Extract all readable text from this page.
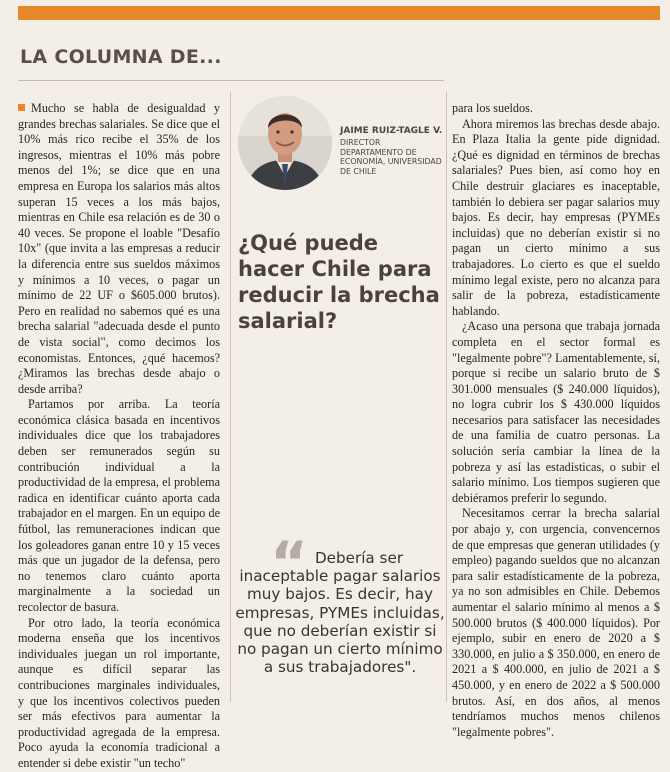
LA COLUMNA DE...

Mucho se habla de desigualdad y grandes brechas salariales. Se dice que el 10% más rico recibe el 35% de los ingresos, mientras el 10% más pobre menos del 1%; se dice que en una empresa en Europa los salarios más altos superan 15 veces a los más bajos, mientras en Chile esa relación es de 30 o 40 veces. Se propone el loable "Desafío 10x" (que invita a las empresas a reducir la diferencia entre sus sueldos máximos y mínimos a 10 veces, o pagar un mínimo de 22 UF o $605.000 brutos). Pero en realidad no sabemos qué es una brecha salarial "adecuada desde el punto de vista social", como decimos los economistas. Entonces, ¿qué hacemos? ¿Miramos las brechas desde abajo o desde arriba?

Partamos por arriba. La teoría económica clásica basada en incentivos individuales dice que los trabajadores deben ser remunerados según su contribución individual a la productividad de la empresa, el problema radica en identificar cuánto aporta cada trabajador en el margen. En un equipo de fútbol, las remuneraciones indican que los goleadores ganan entre 10 y 15 veces más que un jugador de la defensa, pero no tenemos claro cuánto aporta marginalmente a la sociedad un recolector de basura.

Por otro lado, la teoría económica moderna enseña que los incentivos individuales juegan un rol importante, aunque es difícil separar las contribuciones marginales individuales, y que los incentivos colectivos pueden ser más efectivos para aumentar la productividad agregada de la empresa. Poco ayuda la economía tradicional a entender si debe existir "un techo"

JAIME RUIZ-TAGLE V.
DIRECTOR DEPARTAMENTO DE ECONOMÍA, UNIVERSIDAD DE CHILE
¿Qué puede hacer Chile para reducir la brecha salarial?
“ Debería ser inaceptable pagar salarios muy bajos. Es decir, hay empresas, PYMEs incluidas, que no deberían existir si no pagan un cierto mínimo a sus trabajadores".

para los sueldos.

Ahora miremos las brechas desde abajo. En Plaza Italia la gente pide dignidad. ¿Qué es dignidad en términos de brechas salariales? Pues bien, así como hoy en Chile destruir glaciares es inaceptable, también lo debiera ser pagar salarios muy bajos. Es decir, hay empresas (PYMEs incluidas) que no deberían existir si no pagan un cierto mínimo a sus trabajadores. Lo cierto es que el sueldo mínimo legal existe, pero no alcanza para salir de la pobreza, estadísticamente hablando.

¿Acaso una persona que trabaja jornada completa en el sector formal es "legalmente pobre"? Lamentablemente, sí, porque si recibe un salario bruto de $ 301.000 mensuales ($ 240.000 líquidos), no logra cubrir los $ 430.000 líquidos necesarios para satisfacer las necesidades de una familia de cuatro personas. La solución sería cambiar la línea de la pobreza y así las estadísticas, o subir el salario mínimo. Los tiempos sugieren que debiéramos preferir lo segundo.

Necesitamos cerrar la brecha salarial por abajo y, con urgencia, convencernos de que empresas que generan utilidades (y empleo) pagando sueldos que no alcanzan para salir estadísticamente de la pobreza, ya no son admisibles en Chile. Debemos aumentar el salario mínimo al menos a $ 500.000 brutos ($ 400.000 líquidos). Por ejemplo, subir en enero de 2020 a $ 330.000, en julio a $ 350.000, en enero de 2021 a $ 400.000, en julio de 2021 a $ 450.000, y en enero de 2022 a $ 500.000 brutos. Así, en dos años, al menos tendríamos muchos menos chilenos "legalmente pobres".
